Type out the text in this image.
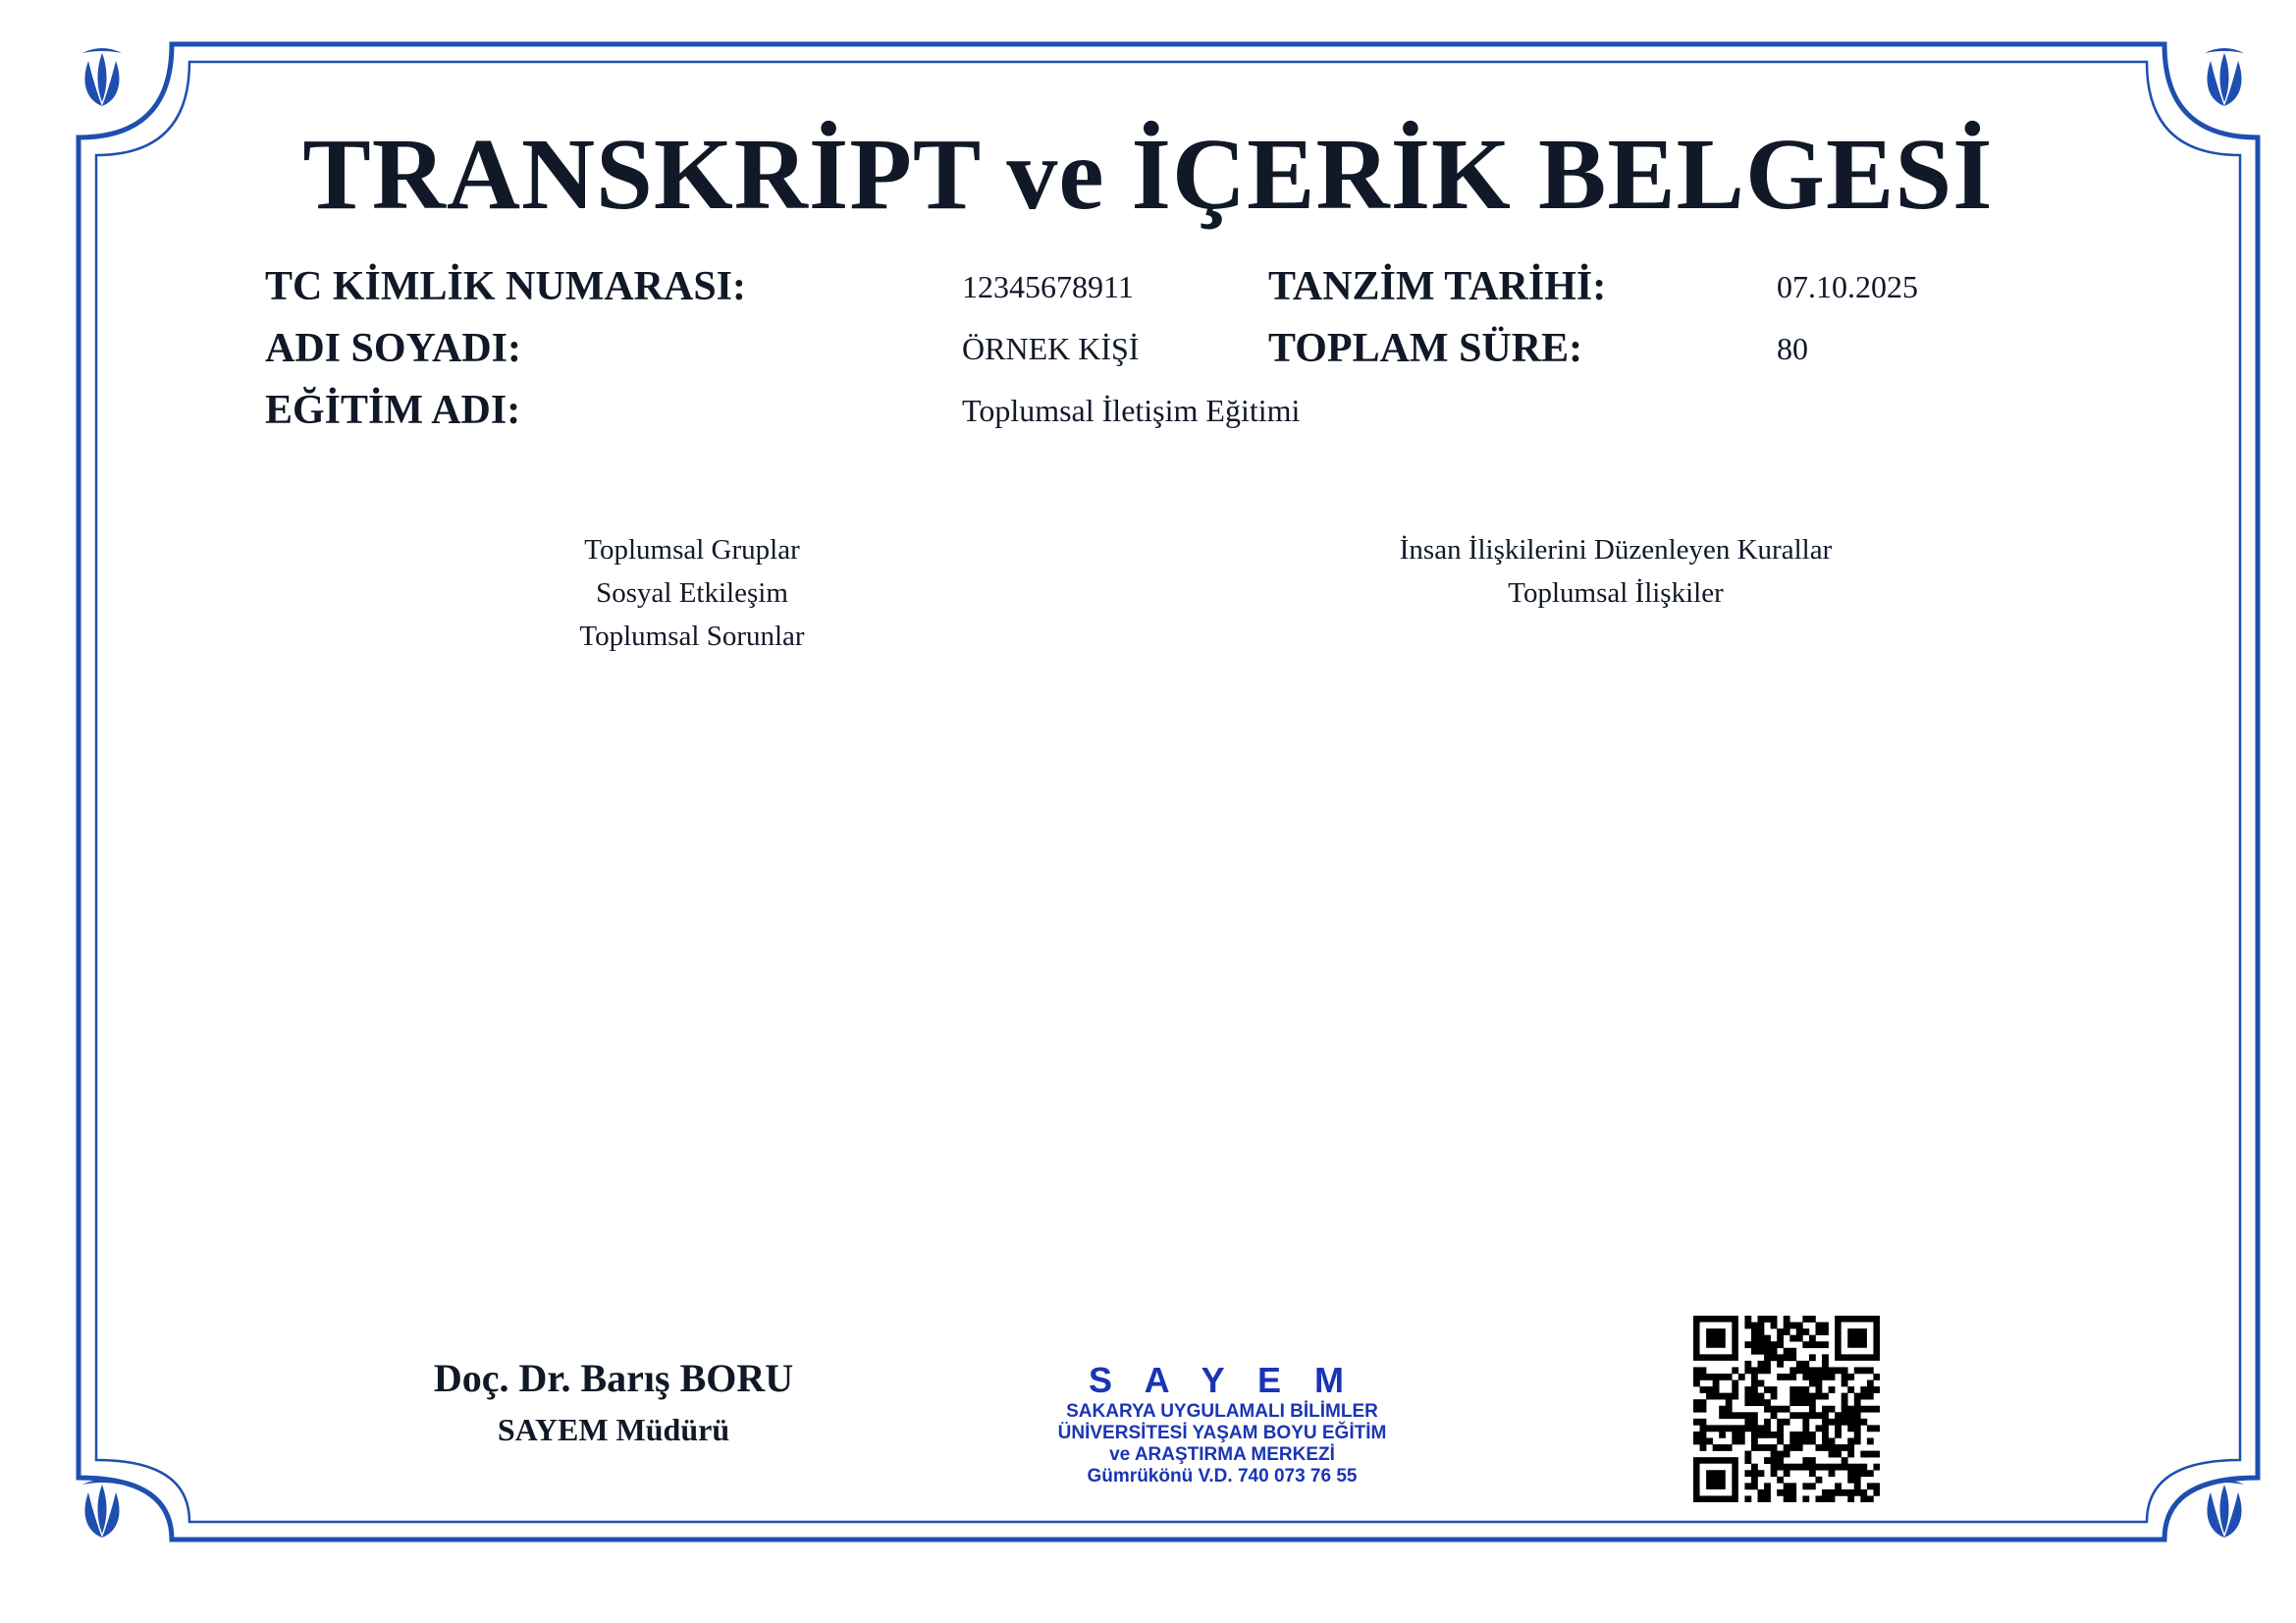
TRANSKRİPT ve İÇERİK BELGESİ
TC KİMLİK NUMARASI:	12345678911	TANZİM TARİHİ:	07.10.2025
ADI SOYADI:	ÖRNEK KİŞİ	TOPLAM SÜRE:	80
EĞİTİM ADI:	Toplumsal İletişim Eğitimi
Toplumsal Gruplar
Sosyal Etkileşim
Toplumsal Sorunlar
İnsan İlişkilerini Düzenleyen Kurallar
Toplumsal İlişkiler
Doç. Dr. Barış BORU
SAYEM Müdürü
S A Y E M
SAKARYA UYGULAMALI BİLİMLER
ÜNİVERSİTESİ YAŞAM BOYU EĞİTİM
ve ARAŞTIRMA MERKEZİ
Gümrükönü V.D. 740 073 76 55
